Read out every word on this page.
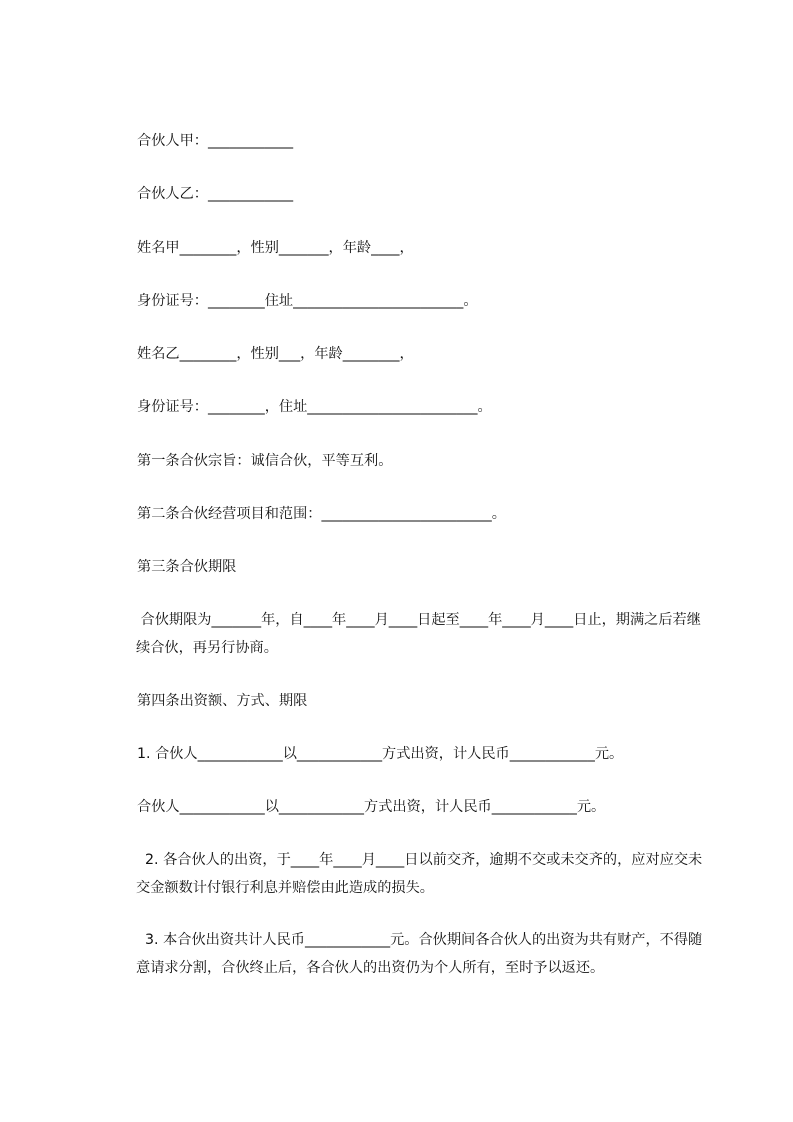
合伙人甲：____________
合伙人乙：____________
姓名甲________，性别_______，年龄____，
身份证号：________住址________________________。
姓名乙________，性别___，年龄________，
身份证号：________，住址________________________。
第一条合伙宗旨：诚信合伙，平等互利。
第二条合伙经营项目和范围：________________________。
第三条合伙期限
合伙期限为_______年，自____年____月____日起至____年____月____日止，期满之后若继续合伙，再另行协商。
第四条出资额、方式、期限
1. 合伙人____________以____________方式出资，计人民币____________元。
合伙人____________以____________方式出资，计人民币____________元。
2. 各合伙人的出资，于____年____月____日以前交齐，逾期不交或未交齐的，应对应交未交金额数计付银行利息并赔偿由此造成的损失。
3. 本合伙出资共计人民币____________元。合伙期间各合伙人的出资为共有财产，不得随意请求分割，合伙终止后，各合伙人的出资仍为个人所有，至时予以返还。
